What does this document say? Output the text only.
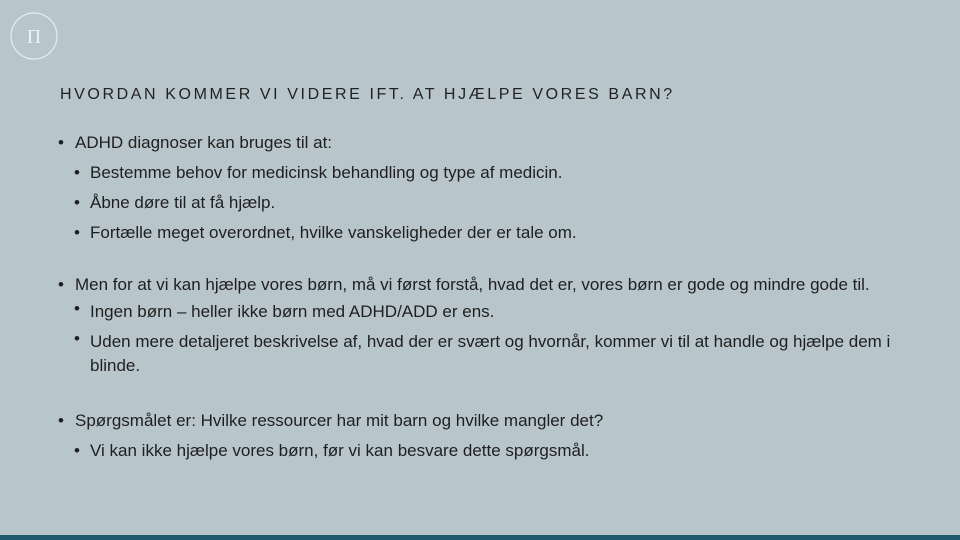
Π
HVORDAN KOMMER VI VIDERE IFT. AT HJÆLPE VORES BARN?
• ADHD diagnoser kan bruges til at:
• Bestemme behov for medicinsk behandling og type af medicin.
• Åbne døre til at få hjælp.
• Fortælle meget overordnet, hvilke vanskeligheder der er tale om.
• Men for at vi kan hjælpe vores børn, må vi først forstå, hvad det er, vores børn er gode og mindre gode til.
• Ingen børn – heller ikke børn med ADHD/ADD er ens.
• Uden mere detaljeret beskrivelse af, hvad der er svært og hvornår, kommer vi til at handle og hjælpe dem i blinde.
• Spørgsmålet er: Hvilke ressourcer har mit barn og hvilke mangler det?
• Vi kan ikke hjælpe vores børn, før vi kan besvare dette spørgsmål.
